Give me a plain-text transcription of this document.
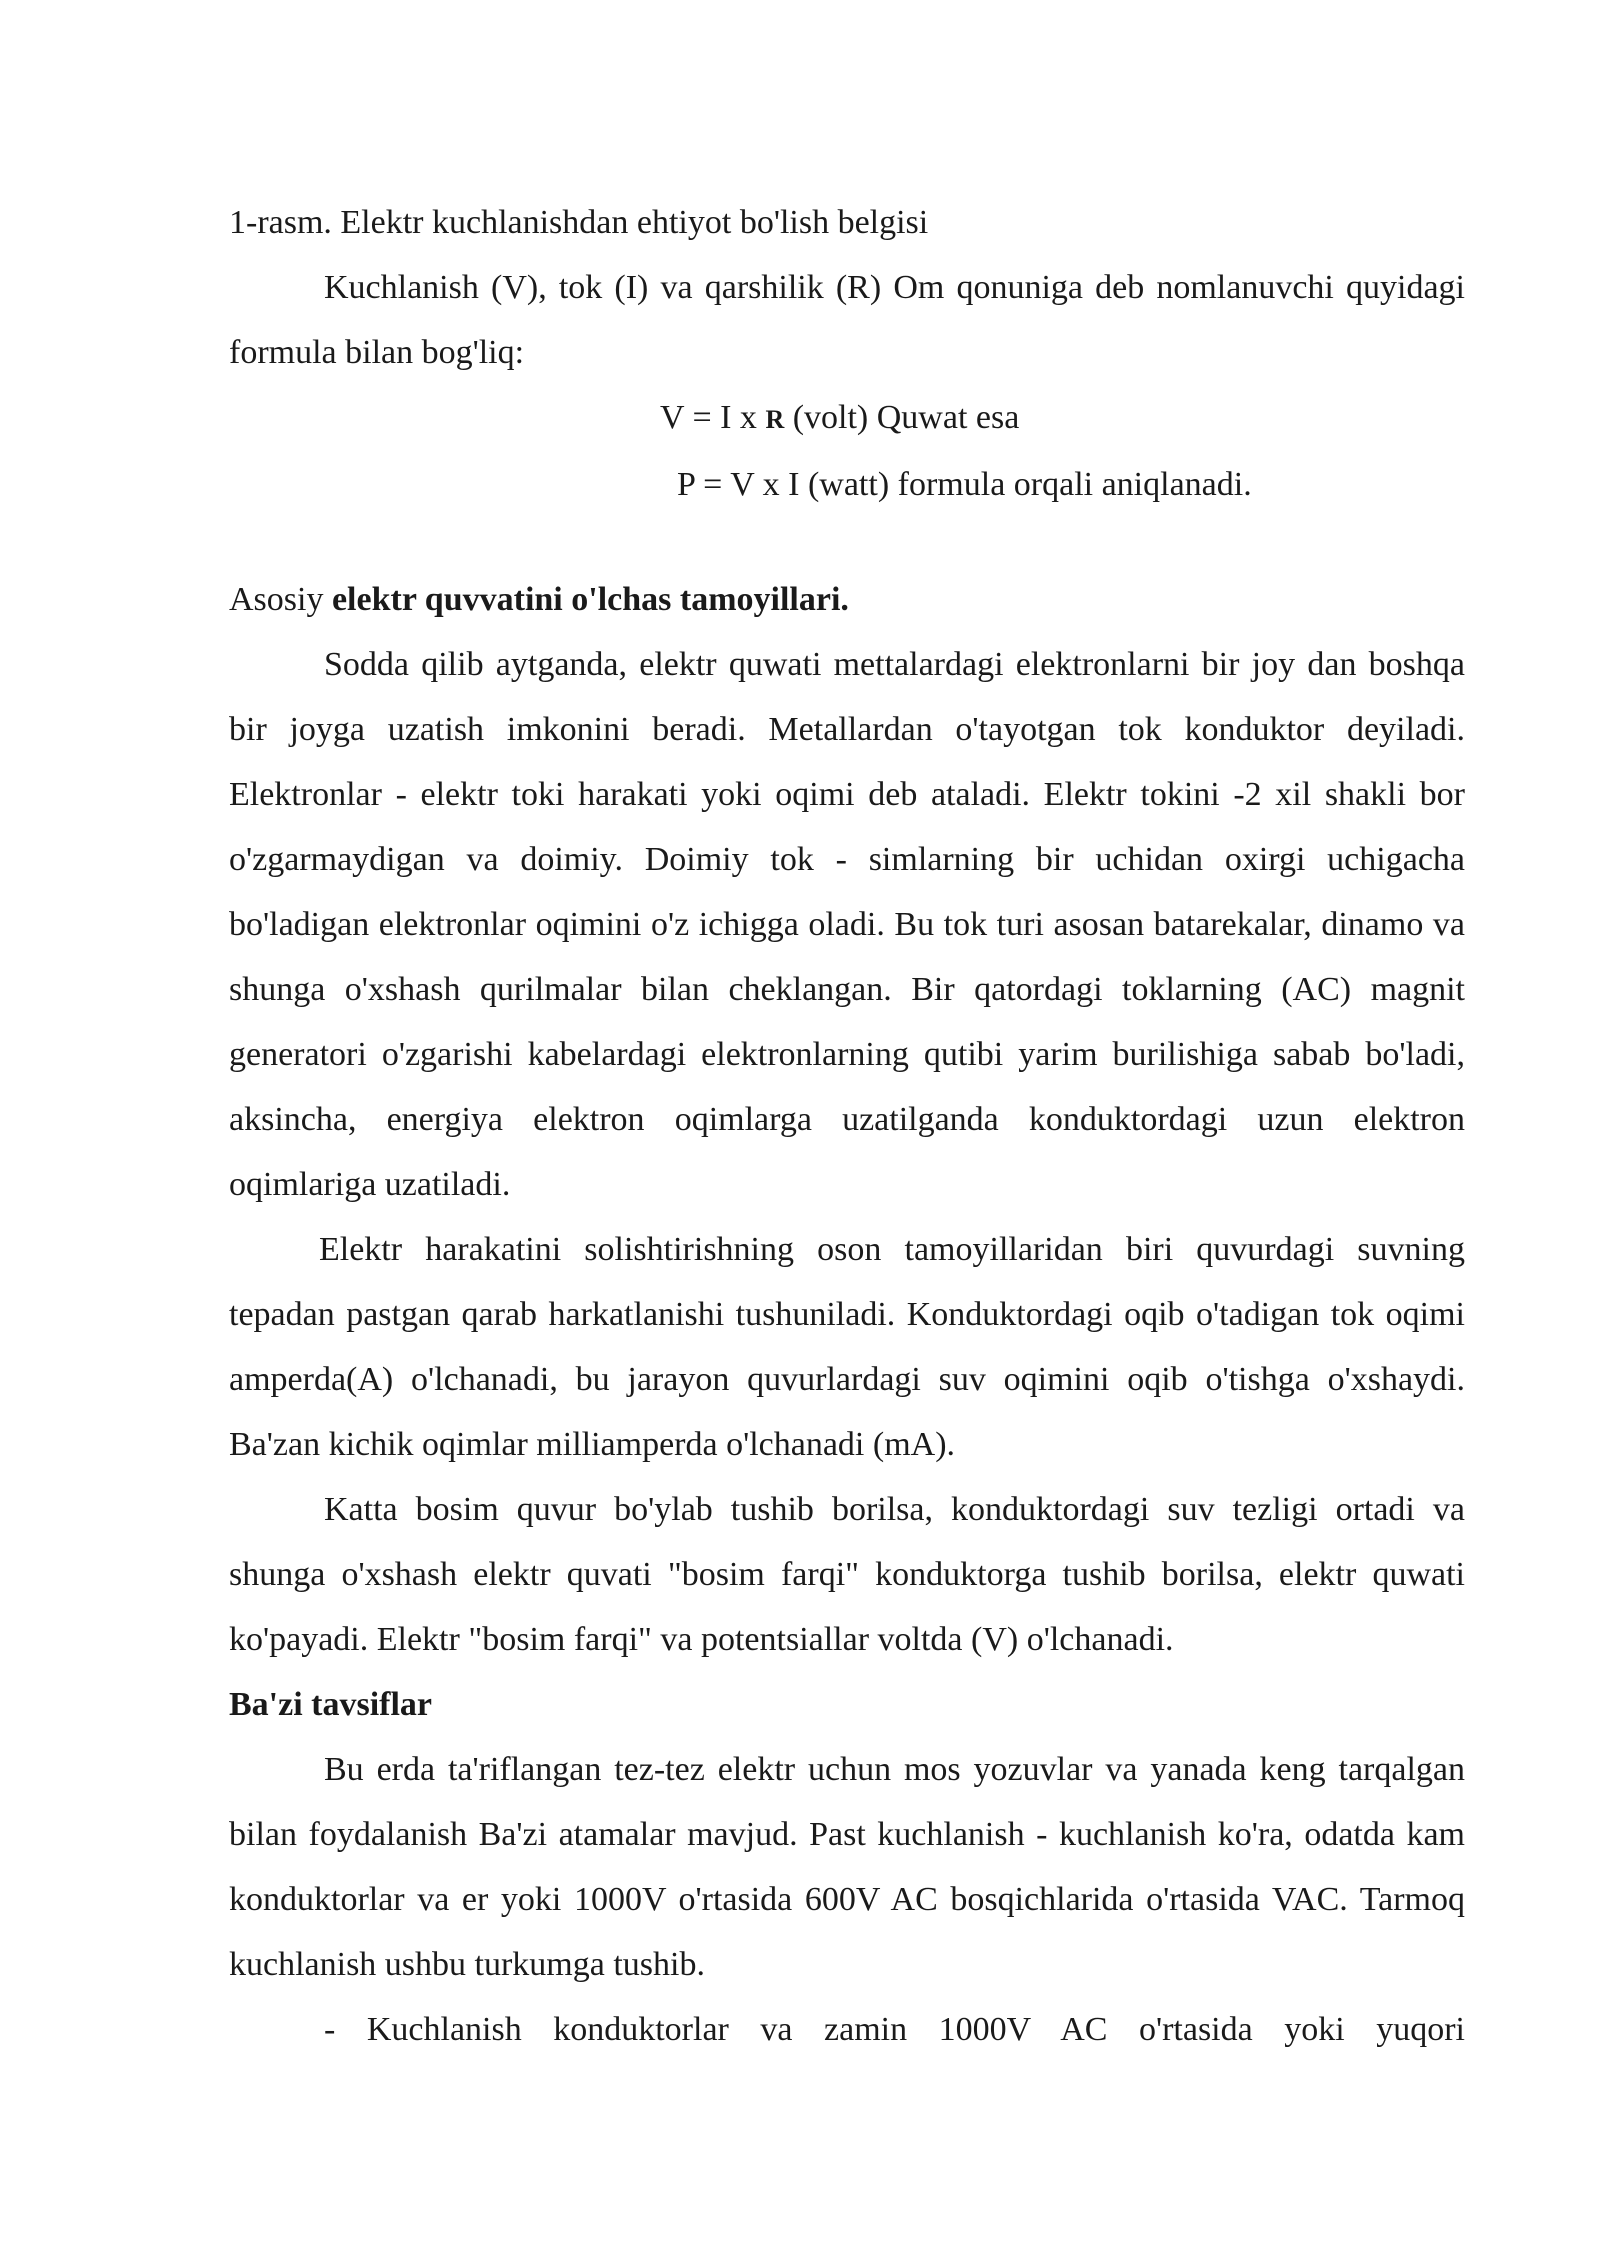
1-rasm. Elektr kuchlanishdan ehtiyot bo'lish belgisi

Kuchlanish (V), tok (I) va qarshilik (R) Om qonuniga deb nomlanuvchi quyidagi formula bilan bog'liq:

V = I x R (volt) Quwat esa

P = V x I (watt) formula orqali aniqlanadi.

Asosiy elektr quvvatini o'lchas tamoyillari.

Sodda qilib aytganda, elektr quwati mettalardagi elektronlarni bir joy dan boshqa bir joyga uzatish imkonini beradi. Metallardan o'tayotgan tok konduktor deyiladi. Elektronlar - elektr toki harakati yoki oqimi deb ataladi. Elektr tokini -2 xil shakli bor o'zgarmaydigan va doimiy. Doimiy tok - simlarning bir uchidan oxirgi uchigacha bo'ladigan elektronlar oqimini o'z ichigga oladi. Bu tok turi asosan batarekalar, dinamo va shunga o'xshash qurilmalar bilan cheklangan. Bir qatordagi toklarning (AC) magnit generatori o'zgarishi kabelardagi elektronlarning qutibi yarim burilishiga sabab bo'ladi, aksincha, energiya elektron oqimlarga uzatilganda konduktordagi uzun elektron oqimlariga uzatiladi.

Elektr harakatini solishtirishning oson tamoyillaridan biri quvurdagi suvning tepadan pastgan qarab harkatlanishi tushuniladi. Konduktordagi oqib o'tadigan tok oqimi amperda(A) o'lchanadi, bu jarayon quvurlardagi suv oqimini oqib o'tishga o'xshaydi. Ba'zan kichik oqimlar milliamperda o'lchanadi (mA).

Katta bosim quvur bo'ylab tushib borilsa, konduktordagi suv tezligi ortadi va shunga o'xshash elektr quvati "bosim farqi" konduktorga tushib borilsa, elektr quwati ko'payadi. Elektr "bosim farqi" va potentsiallar voltda (V) o'lchanadi.

Ba'zi tavsiflar

Bu erda ta'riflangan tez-tez elektr uchun mos yozuvlar va yanada keng tarqalgan bilan foydalanish Ba'zi atamalar mavjud. Past kuchlanish - kuchlanish ko'ra, odatda kam konduktorlar va er yoki 1000V o'rtasida 600V AC bosqichlarida o'rtasida VAC. Tarmoq kuchlanish ushbu turkumga tushib.

- Kuchlanish konduktorlar va zamin 1000V AC o'rtasida yoki yuqori
